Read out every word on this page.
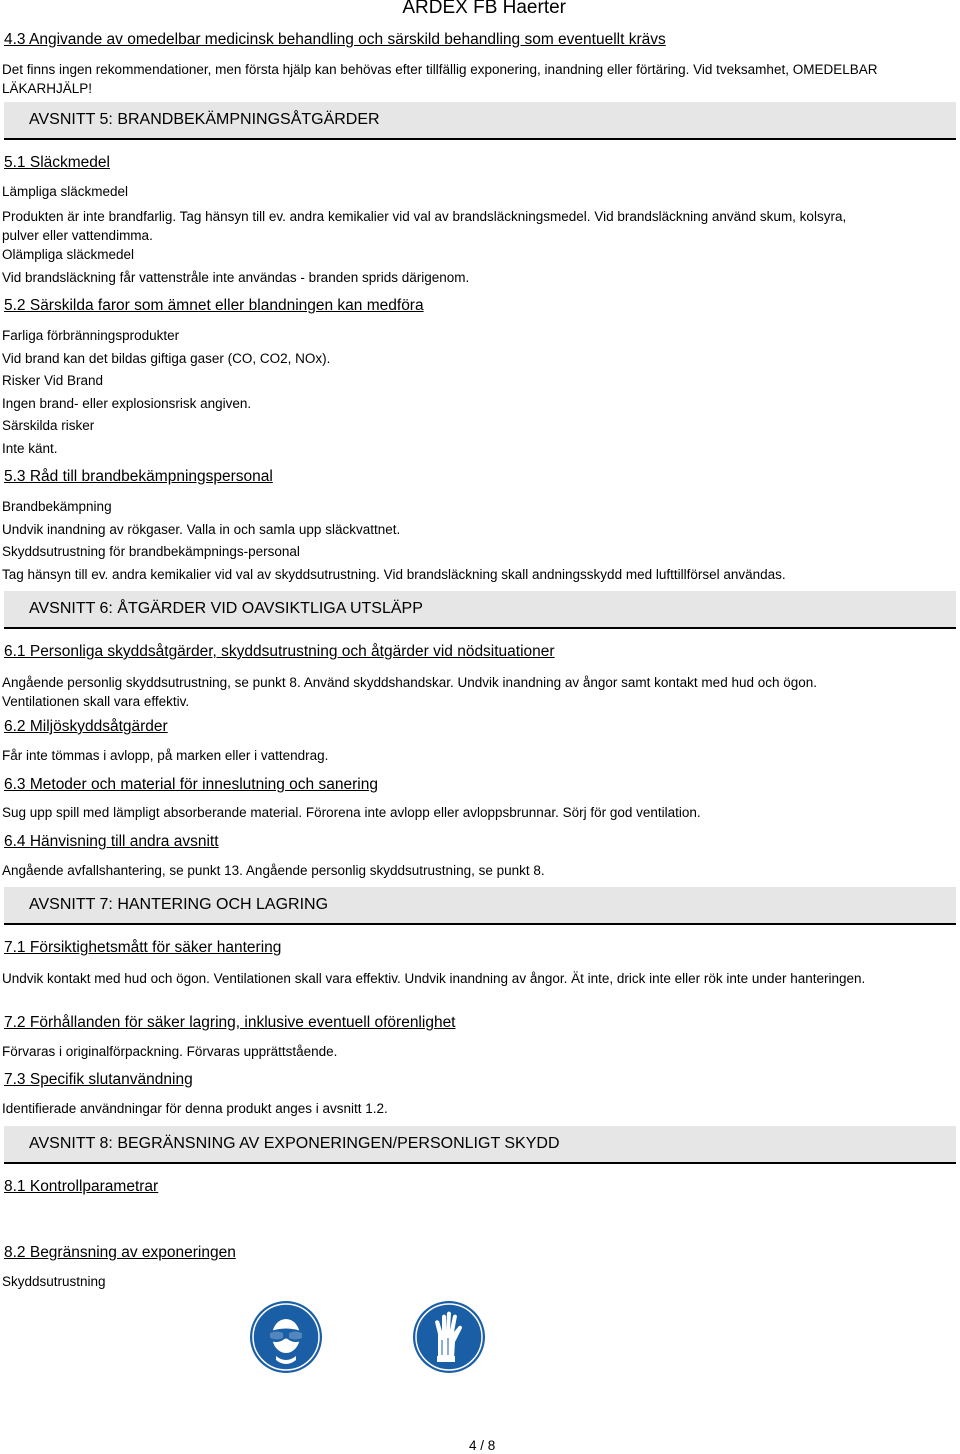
ARDEX FB Haerter
4.3 Angivande av omedelbar medicinsk behandling och särskild behandling som eventuellt krävs
Det finns ingen rekommendationer, men första hjälp kan behövas efter tillfällig exponering, inandning eller förtäring. Vid tveksamhet, OMEDELBAR LÄKARHJÄLP!
AVSNITT 5: BRANDBEKÄMPNINGSÅTGÄRDER
5.1 Släckmedel
Lämpliga släckmedel
Produkten är inte brandfarlig. Tag hänsyn till ev. andra kemikalier vid val av brandsläckningsmedel. Vid brandsläckning använd skum, kolsyra, pulver eller vattendimma.
Olämpliga släckmedel
Vid brandsläckning får vattenstråle inte användas - branden sprids därigenom.
5.2 Särskilda faror som ämnet eller blandningen kan medföra
Farliga förbränningsprodukter
Vid brand kan det bildas giftiga gaser (CO, CO2, NOx).
Risker Vid Brand
Ingen brand- eller explosionsrisk angiven.
Särskilda risker
Inte känt.
5.3 Råd till brandbekämpningspersonal
Brandbekämpning
Undvik inandning av rökgaser. Valla in och samla upp släckvattnet.
Skyddsutrustning för brandbekämpnings-personal
Tag hänsyn till ev. andra kemikalier vid val av skyddsutrustning. Vid brandsläckning skall andningsskydd med lufttillförsel användas.
AVSNITT 6: ÅTGÄRDER VID OAVSIKTLIGA UTSLÄPP
6.1 Personliga skyddsåtgärder, skyddsutrustning och åtgärder vid nödsituationer
Angående personlig skyddsutrustning, se punkt 8. Använd skyddshandskar. Undvik inandning av ångor samt kontakt med hud och ögon. Ventilationen skall vara effektiv.
6.2 Miljöskyddsåtgärder
Får inte tömmas i avlopp, på marken eller i vattendrag.
6.3 Metoder och material för inneslutning och sanering
Sug upp spill med lämpligt absorberande material. Förorena inte avlopp eller avloppsbrunnar. Sörj för god ventilation.
6.4 Hänvisning till andra avsnitt
Angående avfallshantering, se punkt 13. Angående personlig skyddsutrustning, se punkt 8.
AVSNITT 7: HANTERING OCH LAGRING
7.1 Försiktighetsmått för säker hantering
Undvik kontakt med hud och ögon. Ventilationen skall vara effektiv. Undvik inandning av ångor. Ät inte, drick inte eller rök inte under hanteringen.
7.2 Förhållanden för säker lagring, inklusive eventuell oförenlighet
Förvaras i originalförpackning. Förvaras upprättstående.
7.3 Specifik slutanvändning
Identifierade användningar för denna produkt anges i avsnitt 1.2.
AVSNITT 8: BEGRÄNSNING AV EXPONERINGEN/PERSONLIGT SKYDD
8.1 Kontrollparametrar
8.2 Begränsning av exponeringen
Skyddsutrustning
4 / 8
